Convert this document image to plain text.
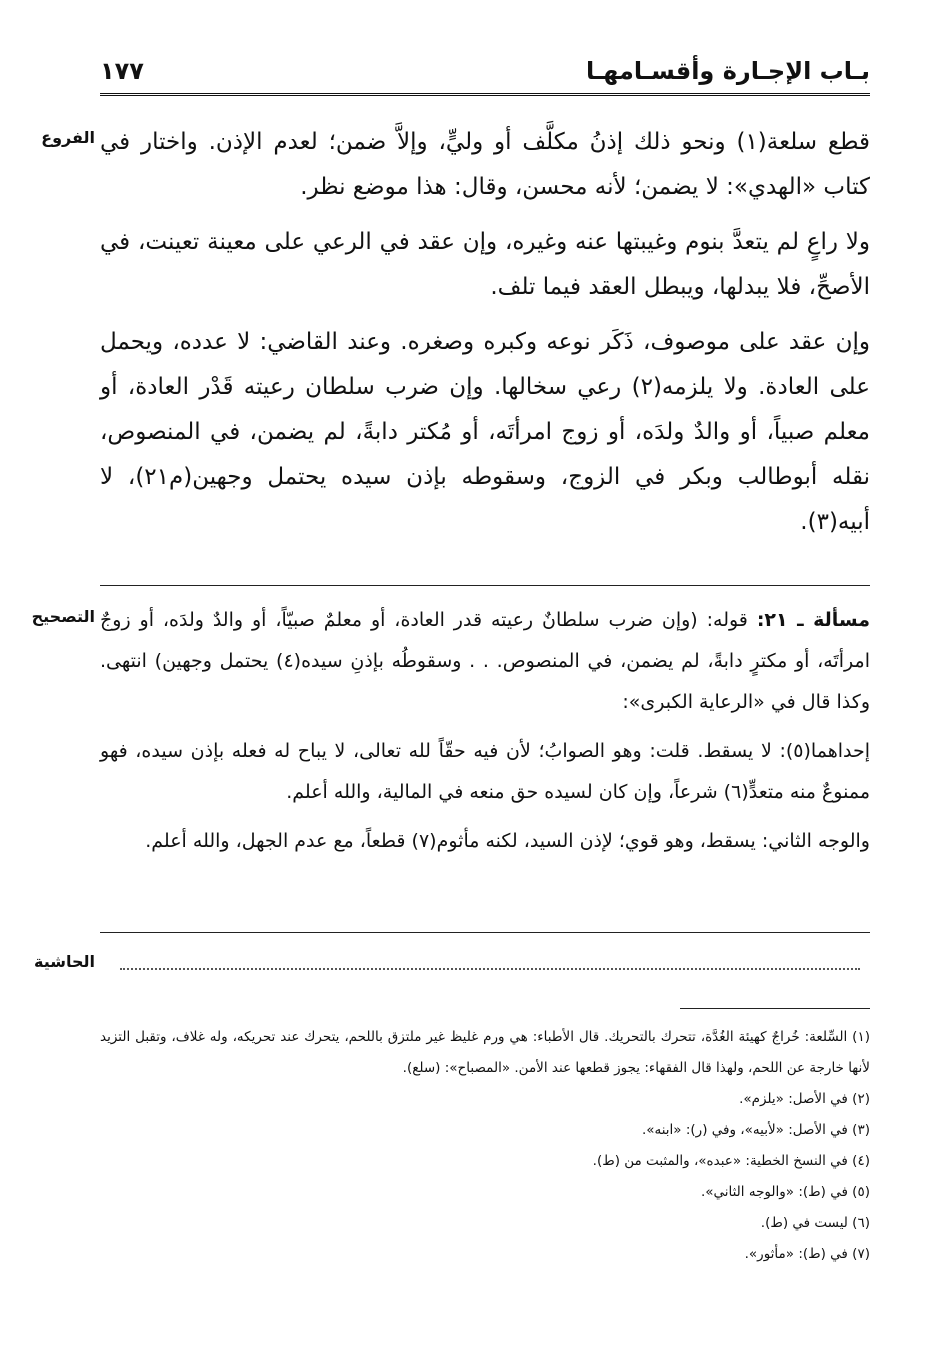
بـاب الإجـارة وأقسـامهـا
١٧٧
الفروع قطع سلعة(١) ونحو ذلك إذنُ مكلَّف أو وليٍّ، وإلاَّ ضمن؛ لعدم الإذن. واختار في كتاب «الهدي»: لا يضمن؛ لأنه محسن، وقال: هذا موضع نظر.

ولا راعٍ لم يتعدَّ بنوم وغيبتها عنه وغيره، وإن عقد في الرعي على معينة تعينت، في الأصحِّ، فلا يبدلها، ويبطل العقد فيما تلف.

وإن عقد على موصوف، ذَكَر نوعه وكبره وصغره. وعند القاضي: لا عدده، ويحمل على العادة. ولا يلزمه(٢) رعي سخالها. وإن ضرب سلطان رعيته قَدْر العادة، أو معلم صبياً، أو والدٌ ولدَه، أو زوج امرأتَه، أو مُكتر دابةً، لم يضمن، في المنصوص، نقله أبوطالب وبكر في الزوج، وسقوطه بإذن سيده يحتمل وجهين(م٢١)، لا أبيه(٣).

التصحيح	مسألة ـ ٢١: قوله: (وإن ضرب سلطانٌ رعيته قدر العادة، أو معلمٌ صبيّاً، أو والدٌ ولدَه، أو زوجٌ امرأتَه، أو مكترٍ دابةً، لم يضمن، في المنصوص. . . وسقوطُه بإذنِ سيده(٤) يحتمل وجهين) انتهى. وكذا قال في «الرعاية الكبرى»:

إحداهما(٥): لا يسقط. قلت: وهو الصوابُ؛ لأن فيه حقّاً لله تعالى، لا يباح له فعله بإذن سيده، فهو ممنوعٌ منه متعدٍّ(٦) شرعاً، وإن كان لسيده حق منعه في المالية، والله أعلم.

والوجه الثاني: يسقط، وهو قوي؛ لإذن السيد، لكنه مأثوم(٧) قطعاً، مع عدم الجهل، والله أعلم.

الحاشية

(١) السِّلعة: خُراجٌ كهيئة الغُدَّة، تتحرك بالتحريك. قال الأطباء: هي ورم غليظ غير ملتزق باللحم، يتحرك عند تحريكه، وله غلاف، وتقبل التزيد لأنها خارجة عن اللحم، ولهذا قال الفقهاء: يجوز قطعها عند الأمن. «المصباح»: (سلع).

(٢) في الأصل: «يلزم».

(٣) في الأصل: «لأبيه»، وفي (ر): «ابنه».

(٤) في النسخ الخطية: «عبده»، والمثبت من (ط).

(٥) في (ط): «والوجه الثاني».

(٦) ليست في (ط).

(٧) في (ط): «مأثور».
